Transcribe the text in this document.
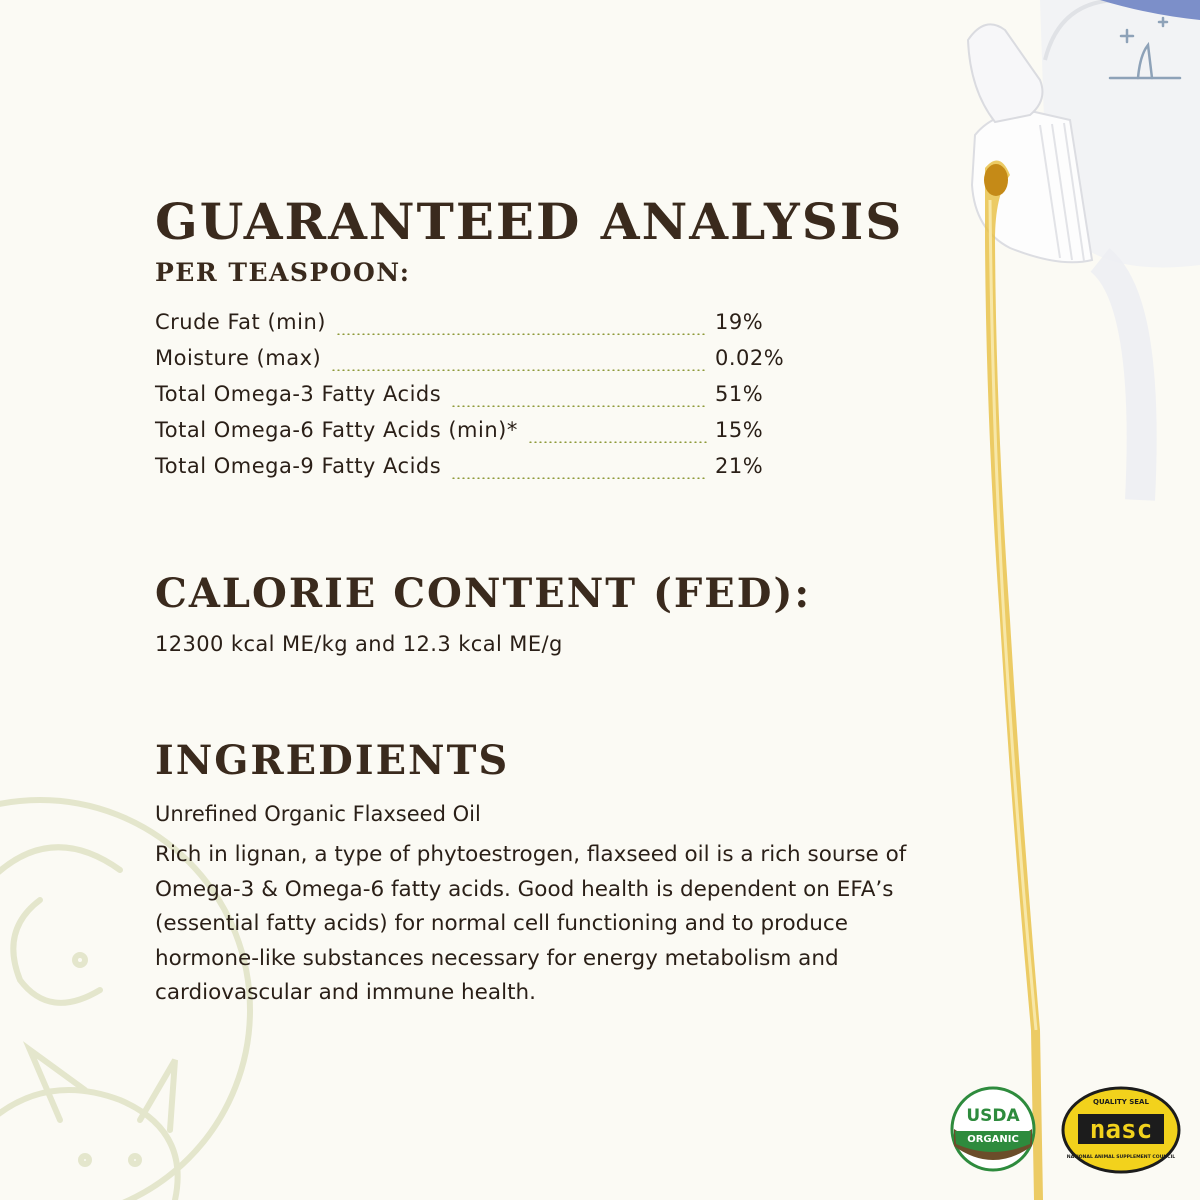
GUARANTEED ANALYSIS
PER TEASPOON:
Crude Fat (min)	19%
Moisture (max)	0.02%
Total Omega-3 Fatty Acids	51%
Total Omega-6 Fatty Acids (min)*	15%
Total Omega-9 Fatty Acids	21%
CALORIE CONTENT (FED):
12300 kcal ME/kg and 12.3 kcal ME/g
INGREDIENTS
Unrefined Organic Flaxseed Oil

Rich in lignan, a type of phytoestrogen, flaxseed oil is a rich sourse of Omega-3 & Omega-6 fatty acids. Good health is dependent on EFA’s (essential fatty acids) for normal cell functioning and to produce hormone-like substances necessary for energy metabolism and cardiovascular and immune health.

USDA
ORGANIC	nasc
QUALITY SEAL
NATIONAL ANIMAL SUPPLEMENT COUNCIL
